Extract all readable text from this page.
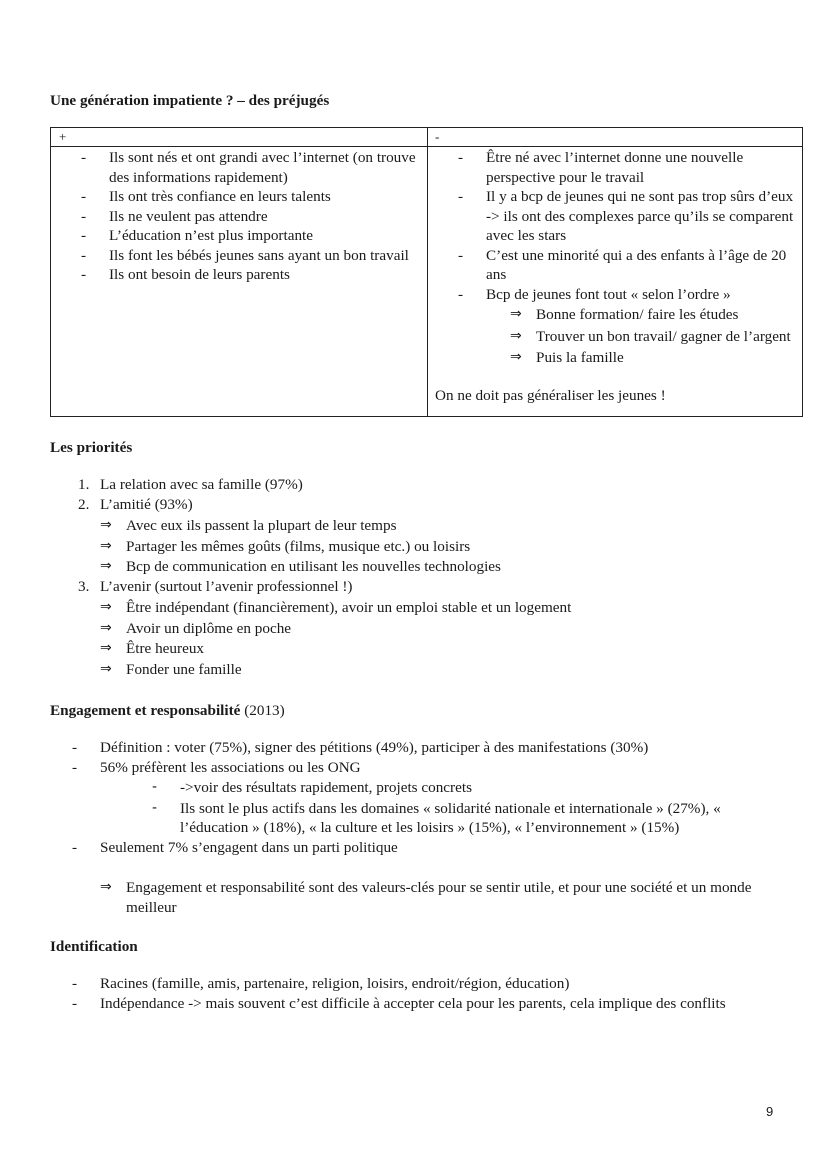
Une génération impatiente ? – des préjugés
+	-
- Ils sont nés et ont grandi avec l’internet (on trouve des informations rapidement)
- Ils ont très confiance en leurs talents
- Ils ne veulent pas attendre
- L’éducation n’est plus importante
- Ils font les bébés jeunes sans ayant un bon travail
- Ils ont besoin de leurs parents
- Être né avec l’internet donne une nouvelle perspective pour le travail
- Il y a bcp de jeunes qui ne sont pas trop sûrs d’eux -> ils ont des complexes parce qu’ils se comparent avec les stars
- C’est une minorité qui a des enfants à l’âge de 20 ans
- Bcp de jeunes font tout « selon l’ordre »
⇒ Bonne formation/ faire les études
⇒ Trouver un bon travail/ gagner de l’argent
⇒ Puis la famille
On ne doit pas généraliser les jeunes !
Les priorités
1. La relation avec sa famille (97%)
2. L’amitié (93%)
⇒ Avec eux ils passent la plupart de leur temps
⇒ Partager les mêmes goûts (films, musique etc.) ou loisirs
⇒ Bcp de communication en utilisant les nouvelles technologies
3. L’avenir (surtout l’avenir professionnel !)
⇒ Être indépendant (financièrement), avoir un emploi stable et un logement
⇒ Avoir un diplôme en poche
⇒ Être heureux
⇒ Fonder une famille
Engagement et responsabilité (2013)
- Définition : voter (75%), signer des pétitions (49%), participer à des manifestations (30%)
- 56% préfèrent les associations ou les ONG
- ->voir des résultats rapidement, projets concrets
- Ils sont le plus actifs dans les domaines « solidarité nationale et internationale » (27%), « l’éducation » (18%), « la culture et les loisirs » (15%), « l’environnement » (15%)
- Seulement 7% s’engagent dans un parti politique
⇒ Engagement et responsabilité sont des valeurs-clés pour se sentir utile, et pour une société et un monde meilleur
Identification
- Racines (famille, amis, partenaire, religion, loisirs, endroit/région, éducation)
- Indépendance -> mais souvent c’est difficile à accepter cela pour les parents, cela implique des conflits
9
